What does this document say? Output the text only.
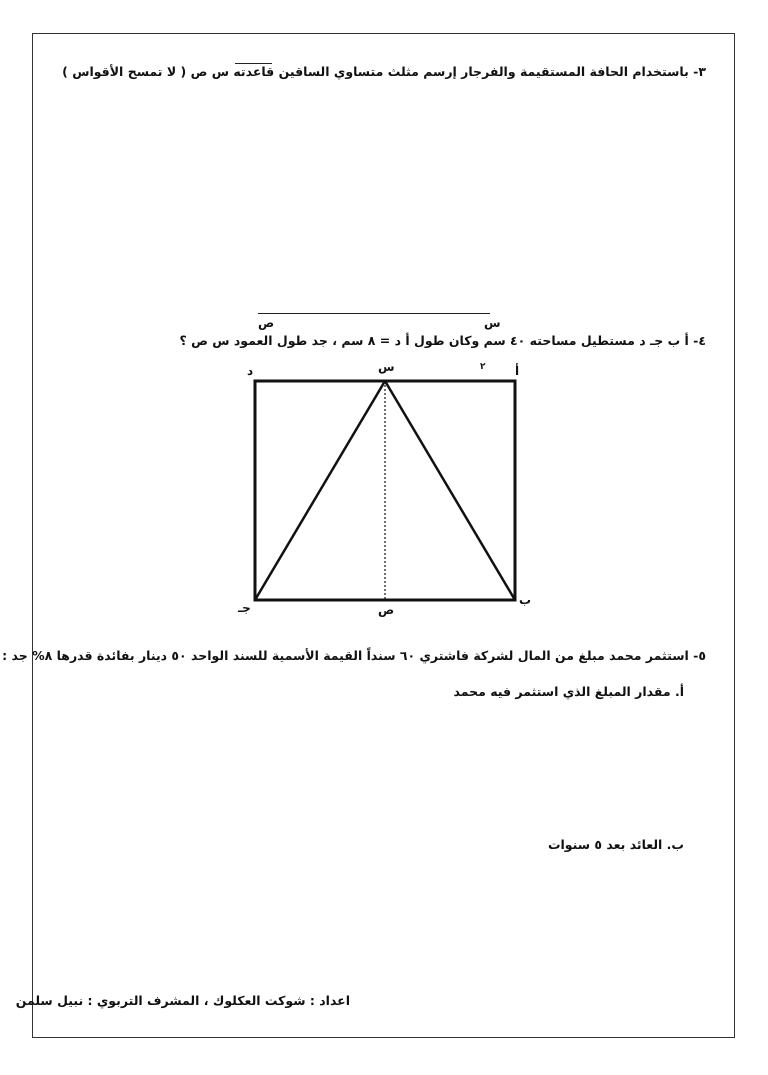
٣- باستخدام الحافة المستقيمة والفرجار إرسم مثلث متساوي الساقين قاعدته س ص ( لا تمسح الأقواس )
س
ص
٤- أ ب جـ د مستطيل مساحته ٤٠ سم وكان طول أ د = ٨ سم ، جد طول العمود س ص ؟
أ
٢
س
د
ب
ص
جـ
٥- استثمر محمد مبلغ من المال لشركة فاشتري ٦٠ سنداً القيمة الأسمية للسند الواحد ٥٠ دينار بفائدة قدرها ٨% جد :
أ. مقدار المبلغ الذي استثمر فيه محمد
ب. العائد بعد ٥ سنوات
اعداد : شوكت العكلوك ، المشرف التربوي : نبيل سلمن
